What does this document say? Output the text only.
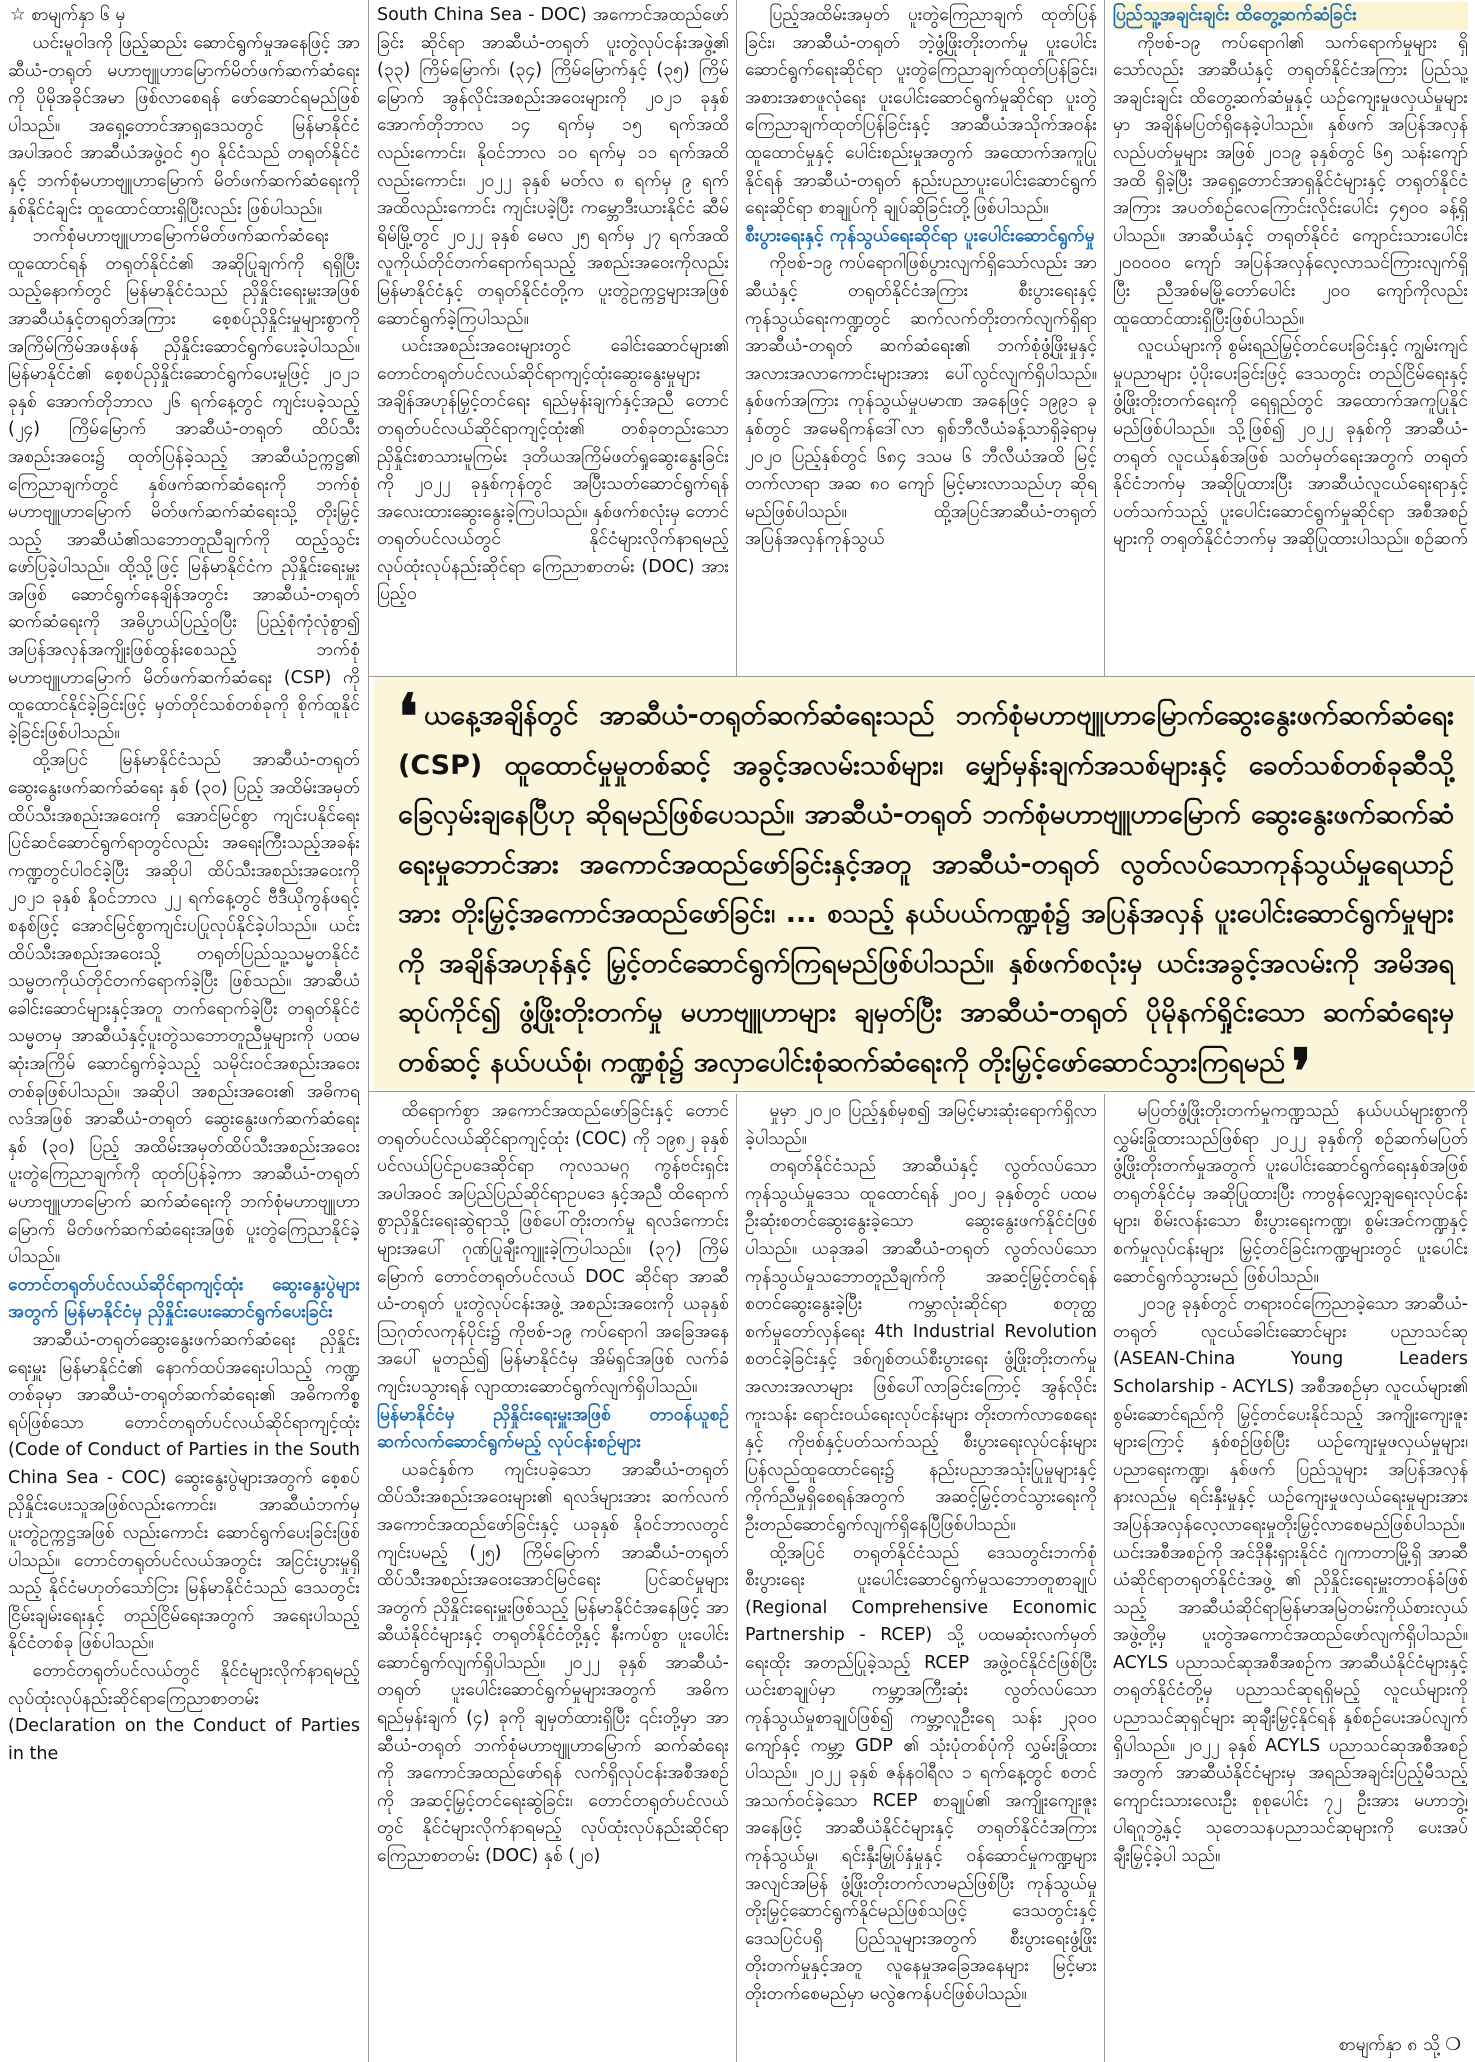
☆ စာမျက်နှာ ၆ မှ

ယင်းမူဝါဒကို ဖြည့်ဆည်း ဆောင်ရွက်မှုအနေဖြင့် အာဆီယံ-တရုတ် မဟာဗျူဟာမြောက်မိတ်ဖက်ဆက်ဆံရေးကို ပိုမိုအခိုင်အမာ ဖြစ်လာစေရန် ဖော်ဆောင်ရမည်ဖြစ်ပါသည်။ အရှေ့တောင်အာရှဒေသတွင် မြန်မာနိုင်ငံ အပါအဝင် အာဆီယံအဖွဲ့ဝင် ၅၀ နိုင်ငံသည် တရုတ်နိုင်ငံနှင့် ဘက်စုံမဟာဗျူဟာမြောက် မိတ်ဖက်ဆက်ဆံရေးကို နှစ်နိုင်ငံချင်း ထူထောင်ထားရှိပြီးလည်း ဖြစ်ပါသည်။

ဘက်စုံမဟာဗျူဟာမြောက်မိတ်ဖက်ဆက်ဆံရေး ထူထောင်ရန် တရုတ်နိုင်ငံ၏ အဆိုပြုချက်ကို ရရှိပြီးသည့်နောက်တွင် မြန်မာနိုင်ငံသည် ညှိနှိုင်းရေးမှူးအဖြစ် အာဆီယံနှင့်တရုတ်အကြား စေ့စပ်ညှိနှိုင်းမှုများစွာကို အကြိမ်ကြိမ်အဖန်ဖန် ညှိနှိုင်းဆောင်ရွက်ပေးခဲ့ပါသည်။ မြန်မာနိုင်ငံ၏ စေ့စပ်ညှိနှိုင်းဆောင်ရွက်ပေးမှုဖြင့် ၂၀၂၁ ခုနှစ် အောက်တိုဘာလ ၂၆ ရက်နေ့တွင် ကျင်းပခဲ့သည့် (၂၄) ကြိမ်မြောက် အာဆီယံ-တရုတ် ထိပ်သီးအစည်းအဝေး၌ ထုတ်ပြန်ခဲ့သည့် အာဆီယံဥက္ကဋ္ဌ၏ ကြေညာချက်တွင် နှစ်ဖက်ဆက်ဆံရေးကို ဘက်စုံမဟာဗျူဟာမြောက် မိတ်ဖက်ဆက်ဆံရေးသို့ တိုးမြှင့်သည့် အာဆီယံ၏သဘောတူညီချက်ကို ထည့်သွင်းဖော်ပြခဲ့ပါသည်။ ထို့သို့ဖြင့် မြန်မာနိုင်ငံက ညှိနှိုင်းရေးမှူးအဖြစ် ဆောင်ရွက်နေချိန်အတွင်း အာဆီယံ-တရုတ် ဆက်ဆံရေးကို အဓိပ္ပာယ်ပြည့်ဝပြီး ပြည့်စုံကုံလုံစွာ၍ အပြန်အလှန်အကျိုးဖြစ်ထွန်းစေသည့် ဘက်စုံမဟာဗျူဟာမြောက် မိတ်ဖက်ဆက်ဆံရေး (CSP) ကို ထူထောင်နိုင်ခဲ့ခြင်းဖြင့် မှတ်တိုင်သစ်တစ်ခုကို စိုက်ထူနိုင်ခဲ့ခြင်းဖြစ်ပါသည်။

ထို့အပြင် မြန်မာနိုင်ငံသည် အာဆီယံ-တရုတ် ဆွေးနွေးဖက်ဆက်ဆံရေး နှစ် (၃၀) ပြည့် အထိမ်းအမှတ် ထိပ်သီးအစည်းအဝေးကို အောင်မြင်စွာ ကျင်းပနိုင်ရေး ပြင်ဆင်ဆောင်ရွက်ရာတွင်လည်း အရေးကြီးသည့်အခန်းကဏ္ဍတွင်ပါဝင်ခဲ့ပြီး အဆိုပါ ထိပ်သီးအစည်းအဝေးကို ၂၀၂၁ ခုနှစ် နိုဝင်ဘာလ ၂၂ ရက်နေ့တွင် ဗီဒီယိုကွန်ဖရင့်စနစ်ဖြင့် အောင်မြင်စွာကျင်းပပြုလုပ်နိုင်ခဲ့ပါသည်။ ယင်းထိပ်သီးအစည်းအဝေးသို့ တရုတ်ပြည်သူ့သမ္မတနိုင်ငံ သမ္မတကိုယ်တိုင်တက်ရောက်ခဲ့ပြီး ဖြစ်သည်။ အာဆီယံ ခေါင်းဆောင်များနှင့်အတူ တက်ရောက်ခဲ့ပြီး တရုတ်နိုင်ငံသမ္မတမှ အာဆီယံနှင့်ပူးတွဲသဘောတူညီမှုများကို ပထမဆုံးအကြိမ် ဆောင်ရွက်ခဲ့သည့် သမိုင်းဝင်အစည်းအဝေးတစ်ခုဖြစ်ပါသည်။ အဆိုပါ အစည်းအဝေး၏ အဓိကရလဒ်အဖြစ် အာဆီယံ-တရုတ် ဆွေးနွေးဖက်ဆက်ဆံရေး နှစ် (၃၀) ပြည့် အထိမ်းအမှတ်ထိပ်သီးအစည်းအဝေးပူးတွဲကြေညာချက်ကို ထုတ်ပြန်ခဲ့ကာ အာဆီယံ-တရုတ်မဟာဗျူဟာမြောက် ဆက်ဆံရေးကို ဘက်စုံမဟာဗျူဟာမြောက် မိတ်ဖက်ဆက်ဆံရေးအဖြစ် ပူးတွဲကြေညာနိုင်ခဲ့ပါသည်။

တောင်တရုတ်ပင်လယ်ဆိုင်ရာကျင့်ထုံး ဆွေးနွေးပွဲများအတွက် မြန်မာနိုင်ငံမှ ညှိနှိုင်းပေးဆောင်ရွက်ပေးခြင်း

အာဆီယံ-တရုတ်ဆွေးနွေးဖက်ဆက်ဆံရေး ညှိနှိုင်းရေးမှူး မြန်မာနိုင်ငံ၏ နောက်ထပ်အရေးပါသည့် ကဏ္ဍတစ်ခုမှာ အာဆီယံ-တရုတ်ဆက်ဆံရေး၏ အဓိကကိစ္စရပ်ဖြစ်သော တောင်တရုတ်ပင်လယ်ဆိုင်ရာကျင့်ထုံး (Code of Conduct of Parties in the South China Sea - COC) ဆွေးနွေးပွဲများအတွက် စေ့စပ်ညှိနှိုင်းပေးသူအဖြစ်လည်းကောင်း၊ အာဆီယံဘက်မှ ပူးတွဲဥက္ကဋ္ဌအဖြစ် လည်းကောင်း ဆောင်ရွက်ပေးခြင်းဖြစ်ပါသည်။ တောင်တရုတ်ပင်လယ်အတွင်း အငြင်းပွားမှုရှိသည့် နိုင်ငံမဟုတ်သော်ငြား မြန်မာနိုင်ငံသည် ဒေသတွင်း ငြိမ်းချမ်းရေးနှင့် တည်ငြိမ်ရေးအတွက် အရေးပါသည့်နိုင်ငံတစ်ခု ဖြစ်ပါသည်။

တောင်တရုတ်ပင်လယ်တွင် နိုင်ငံများလိုက်နာရမည့် လုပ်ထုံးလုပ်နည်းဆိုင်ရာကြေညာစာတမ်း (Declaration on the Conduct of Parties in the

South China Sea - DOC) အကောင်အထည်ဖော်ခြင်း ဆိုင်ရာ အာဆီယံ-တရုတ် ပူးတွဲလုပ်ငန်းအဖွဲ့၏ (၃၃) ကြိမ်မြောက်၊ (၃၄) ကြိမ်မြောက်နှင့် (၃၅) ကြိမ်မြောက် အွန်လိုင်းအစည်းအဝေးများကို ၂၀၂၁ ခုနှစ် အောက်တိုဘာလ ၁၄ ရက်မှ ၁၅ ရက်အထိ လည်းကောင်း၊ နိုဝင်ဘာလ ၁၀ ရက်မှ ၁၁ ရက်အထိ လည်းကောင်း၊ ၂၀၂၂ ခုနှစ် မတ်လ ၈ ရက်မှ ၉ ရက်အထိလည်းကောင်း ကျင်းပခဲ့ပြီး ကမ္ဘောဒီးယားနိုင်ငံ ဆီမ်ရိမ်မြို့တွင် ၂၀၂၂ ခုနှစ် မေလ ၂၅ ရက်မှ ၂၇ ရက်အထိ လူကိုယ်တိုင်တက်ရောက်ရသည့် အစည်းအဝေးကိုလည်း မြန်မာနိုင်ငံနှင့် တရုတ်နိုင်ငံတို့က ပူးတွဲဥက္ကဋ္ဌများအဖြစ်ဆောင်ရွက်ခဲ့ကြပါသည်။

ယင်းအစည်းအဝေးများတွင် ခေါင်းဆောင်များ၏ တောင်တရုတ်ပင်လယ်ဆိုင်ရာကျင့်ထုံးဆွေးနွေးမှုများ အချိန်အဟုန်မြှင့်တင်ရေး ရည်မှန်းချက်နှင့်အညီ တောင်တရုတ်ပင်လယ်ဆိုင်ရာကျင့်ထုံး၏ တစ်ခုတည်းသော ညှိနှိုင်းစာသားမူကြမ်း ဒုတိယအကြိမ်ဖတ်ရှုဆွေးနွေးခြင်းကို ၂၀၂၂ ခုနှစ်ကုန်တွင် အပြီးသတ်ဆောင်ရွက်ရန် အလေးထားဆွေးနွေးခဲ့ကြပါသည်။ နှစ်ဖက်စလုံးမှ တောင်တရုတ်ပင်လယ်တွင် နိုင်ငံများလိုက်နာရမည့် လုပ်ထုံးလုပ်နည်းဆိုင်ရာ ကြေညာစာတမ်း (DOC) အား ပြည့်ဝ

ပြည့်အထိမ်းအမှတ် ပူးတွဲကြေညာချက် ထုတ်ပြန်ခြင်း၊ အာဆီယံ-တရုတ် ဘဲ့ဖွံ့ဖြိုးတိုးတက်မှု ပူးပေါင်းဆောင်ရွက်ရေးဆိုင်ရာ ပူးတွဲကြေညာချက်ထုတ်ပြန်ခြင်း၊ အစားအစာဖူလုံရေး ပူးပေါင်းဆောင်ရွက်မှုဆိုင်ရာ ပူးတွဲကြေညာချက်ထုတ်ပြန်ခြင်းနှင့် အာဆီယံအသိုက်အဝန်း ထူထောင်မှုနှင့် ပေါင်းစည်းမှုအတွက် အထောက်အကူပြုနိုင်ရန် အာဆီယံ-တရုတ် နည်းပညာပူးပေါင်းဆောင်ရွက်ရေးဆိုင်ရာ စာချုပ်ကို ချုပ်ဆိုခြင်းတို့ဖြစ်ပါသည်။

စီးပွားရေးနှင့် ကုန်သွယ်ရေးဆိုင်ရာ ပူးပေါင်းဆောင်ရွက်မှု

ကိုဗစ်-၁၉ ကပ်ရောဂါဖြစ်ပွားလျက်ရှိသော်လည်း အာဆီယံနှင့် တရုတ်နိုင်ငံအကြား စီးပွားရေးနှင့် ကုန်သွယ်ရေးကဏ္ဍတွင် ဆက်လက်တိုးတက်လျက်ရှိရာ အာဆီယံ-တရုတ် ဆက်ဆံရေး၏ ဘက်စုံဖွံ့ဖြိုးမှုနှင့် အလားအလာကောင်းများအား ပေါ်လွင်လျက်ရှိပါသည်။ နှစ်ဖက်အကြား ကုန်သွယ်မှုပမာဏ အနေဖြင့် ၁၉၉၁ ခုနှစ်တွင် အမေရိကန်ဒေါ်လာ ရှစ်ဘီလီယံခန့်သာရှိခဲ့ရာမှ ၂၀၂၀ ပြည့်နှစ်တွင် ၆၈၄ ဒသမ ၆ ဘီလီယံအထိ မြင့်တက်လာရာ အဆ ၈၀ ကျော် မြင့်မားလာသည်ဟု ဆိုရမည်ဖြစ်ပါသည်။ ထို့အပြင်အာဆီယံ-တရုတ် အပြန်အလှန်ကုန်သွယ်

ပြည်သူ့အချင်းချင်း ထိတွေ့ဆက်ဆံခြင်း

ကိုဗစ်-၁၉ ကပ်ရောဂါ၏ သက်ရောက်မှုများ ရှိသော်လည်း အာဆီယံနှင့် တရုတ်နိုင်ငံအကြား ပြည်သူ့အချင်းချင်း ထိတွေ့ဆက်ဆံမှုနှင့် ယဉ်ကျေးမှုဖလှယ်မှုများမှာ အချိန်မပြတ်ရှိနေခဲ့ပါသည်။ နှစ်ဖက် အပြန်အလှန်လည်ပတ်မှုများ အဖြစ် ၂၀၁၉ ခုနှစ်တွင် ၆၅ သန်းကျော်အထိ ရှိခဲ့ပြီး အရှေ့တောင်အာရှနိုင်ငံများနှင့် တရုတ်နိုင်ငံအကြား အပတ်စဉ်လေကြောင်းလိုင်းပေါင်း ၄၅၀၀ ခန့်ရှိပါသည်။ အာဆီယံနှင့် တရုတ်နိုင်ငံ ကျောင်းသားပေါင်း ၂၀၀၀၀၀ ကျော် အပြန်အလှန်လေ့လာသင်ကြားလျက်ရှိပြီး ညီအစ်မမြို့တော်ပေါင်း ၂၀၀ ကျော်ကိုလည်း ထူထောင်ထားရှိပြီးဖြစ်ပါသည်။

လူငယ်များကို စွမ်းရည်မြှင့်တင်ပေးခြင်းနှင့် ကျွမ်းကျင်မှုပညာများ ပံ့ပိုးပေးခြင်းဖြင့် ဒေသတွင်း တည်ငြိမ်ရေးနှင့် ဖွံ့ဖြိုးတိုးတက်ရေးကို ရေရှည်တွင် အထောက်အကူပြုနိုင်မည်ဖြစ်ပါသည်။ သို့ဖြစ်၍ ၂၀၂၂ ခုနှစ်ကို အာဆီယံ-တရုတ် လူငယ်နှစ်အဖြစ် သတ်မှတ်ရေးအတွက် တရုတ်နိုင်ငံဘက်မှ အဆိုပြုထားပြီး အာဆီယံလူငယ်ရေးရာနှင့်ပတ်သက်သည့် ပူးပေါင်းဆောင်ရွက်မှုဆိုင်ရာ အစီအစဉ်များကို တရုတ်နိုင်ငံဘက်မှ အဆိုပြုထားပါသည်။ စဉ်ဆက်

❛ ယနေ့အချိန်တွင် အာဆီယံ-တရုတ်ဆက်ဆံရေးသည် ဘက်စုံမဟာဗျူဟာမြောက်ဆွေးနွေးဖက်ဆက်ဆံရေး (CSP) ထူထောင်မှုမှုတစ်ဆင့် အခွင့်အလမ်းသစ်များ၊ မျှော်မှန်းချက်အသစ်များနှင့် ခေတ်သစ်တစ်ခုဆီသို့ ခြေလှမ်းချနေပြီဟု ဆိုရမည်ဖြစ်ပေသည်။ အာဆီယံ-တရုတ် ဘက်စုံမဟာဗျူဟာမြောက် ဆွေးနွေးဖက်ဆက်ဆံရေးမှုဘောင်အား အကောင်အထည်ဖော်ခြင်းနှင့်အတူ အာဆီယံ-တရုတ် လွတ်လပ်သောကုန်သွယ်မှုရေယာဉ်အား တိုးမြှင့်အကောင်အထည်ဖော်ခြင်း၊ ... စသည့် နယ်ပယ်ကဏ္ဍစုံ၌ အပြန်အလှန် ပူးပေါင်းဆောင်ရွက်မှုများကို အချိန်အဟုန်နှင့် မြှင့်တင်ဆောင်ရွက်ကြရမည်ဖြစ်ပါသည်။ နှစ်ဖက်စလုံးမှ ယင်းအခွင့်အလမ်းကို အမိအရဆုပ်ကိုင်၍ ဖွံ့ဖြိုးတိုးတက်မှု မဟာဗျူဟာများ ချမှတ်ပြီး အာဆီယံ-တရုတ် ပိုမိုနက်ရှိုင်းသော ဆက်ဆံရေးမှတစ်ဆင့် နယ်ပယ်စုံ၊ ကဏ္ဍစုံ၌ အလှာပေါင်းစုံဆက်ဆံရေးကို တိုးမြှင့်ဖော်ဆောင်သွားကြရမည်❜

ထိရောက်စွာ အကောင်အထည်ဖော်ခြင်းနှင့် တောင်တရုတ်ပင်လယ်ဆိုင်ရာကျင့်ထုံး (COC) ကို ၁၉၈၂ ခုနှစ် ပင်လယ်ပြင်ဥပဒေဆိုင်ရာ ကုလသမဂ္ဂ ကွန်ဗင်းရှင်းအပါအဝင် အပြည်ပြည်ဆိုင်ရာဥပဒေ နှင့်အညီ ထိရောက်စွာညှိနှိုင်းရေးဆွဲရာသို့ ဖြစ်ပေါ်တိုးတက်မှု ရလဒ်ကောင်းများအပေါ် ဂုဏ်ပြုချီးကျူးခဲ့ကြပါသည်။ (၃၇) ကြိမ်မြောက် တောင်တရုတ်ပင်လယ် DOC ဆိုင်ရာ အာဆီယံ-တရုတ် ပူးတွဲလုပ်ငန်းအဖွဲ့ အစည်းအဝေးကို ယခုနှစ် ဩဂုတ်လကုန်ပိုင်း၌ ကိုဗစ်-၁၉ ကပ်ရောဂါ အခြေအနေအပေါ် မူတည်၍ မြန်မာနိုင်ငံမှ အိမ်ရှင်အဖြစ် လက်ခံကျင်းပသွားရန် လျာထားဆောင်ရွက်လျက်ရှိပါသည်။

မြန်မာနိုင်ငံမှ ညှိနှိုင်းရေးမှူးအဖြစ် တာဝန်ယူစဉ် ဆက်လက်ဆောင်ရွက်မည့် လုပ်ငန်းစဉ်များ

ယခင်နှစ်က ကျင်းပခဲ့သော အာဆီယံ-တရုတ် ထိပ်သီးအစည်းအဝေးများ၏ ရလဒ်များအား ဆက်လက်အကောင်အထည်ဖော်ခြင်းနှင့် ယခုနှစ် နိုဝင်ဘာလတွင် ကျင်းပမည့် (၂၅) ကြိမ်မြောက် အာဆီယံ-တရုတ် ထိပ်သီးအစည်းအဝေးအောင်မြင်ရေး ပြင်ဆင်မှုများအတွက် ညှိနှိုင်းရေးမှူးဖြစ်သည့် မြန်မာနိုင်ငံအနေဖြင့် အာဆီယံနိုင်ငံများနှင့် တရုတ်နိုင်ငံတို့နှင့် နီးကပ်စွာ ပူးပေါင်းဆောင်ရွက်လျက်ရှိပါသည်။ ၂၀၂၂ ခုနှစ် အာဆီယံ-တရုတ် ပူးပေါင်းဆောင်ရွက်မှုများအတွက် အဓိကရည်မှန်းချက် (၄) ခုကို ချမှတ်ထားရှိပြီး ၎င်းတို့မှာ အာဆီယံ-တရုတ် ဘက်စုံမဟာဗျူဟာမြောက် ဆက်ဆံရေးကို အကောင်အထည်ဖော်ရန် လက်ရှိလုပ်ငန်းအစီအစဉ်ကို အဆင့်မြှင့်တင်ရေးဆွဲခြင်း၊ တောင်တရုတ်ပင်လယ်တွင် နိုင်ငံများလိုက်နာရမည့် လုပ်ထုံးလုပ်နည်းဆိုင်ရာ ကြေညာစာတမ်း (DOC) နှစ် (၂၀)

မှုမှာ ၂၀၂၀ ပြည့်နှစ်မှစ၍ အမြင့်မားဆုံးရောက်ရှိလာခဲ့ပါသည်။

တရုတ်နိုင်ငံသည် အာဆီယံနှင့် လွတ်လပ်သော ကုန်သွယ်မှုဒေသ ထူထောင်ရန် ၂၀၀၂ ခုနှစ်တွင် ပထမဦးဆုံးစတင်ဆွေးနွေးခဲ့သော ဆွေးနွေးဖက်နိုင်ငံဖြစ်ပါသည်။ ယခုအခါ အာဆီယံ-တရုတ် လွတ်လပ်သော ကုန်သွယ်မှုသဘောတူညီချက်ကို အဆင့်မြှင့်တင်ရန် စတင်ဆွေးနွေးခဲ့ပြီး ကမ္ဘာလုံးဆိုင်ရာ စတုတ္ထစက်မှုတော်လှန်ရေး 4th Industrial Revolution စတင်ခဲ့ခြင်းနှင့် ဒစ်ဂျစ်တယ်စီးပွားရေး ဖွံ့ဖြိုးတိုးတက်မှု အလားအလာများ ဖြစ်ပေါ်လာခြင်းကြောင့် အွန်လိုင်းကူးသန်း ရောင်းဝယ်ရေးလုပ်ငန်းများ တိုးတက်လာစေရေးနှင့် ကိုဗစ်နှင့်ပတ်သက်သည့် စီးပွားရေးလုပ်ငန်းများ ပြန်လည်ထူထောင်ရေး၌ နည်းပညာအသုံးပြုမှုများနှင့် ကိုက်ညီမှုရှိစေရန်အတွက် အဆင့်မြှင့်တင်သွားရေးကို ဦးတည်ဆောင်ရွက်လျက်ရှိနေပြီဖြစ်ပါသည်။

ထို့အပြင် တရုတ်နိုင်ငံသည် ဒေသတွင်းဘက်စုံ စီးပွားရေး ပူးပေါင်းဆောင်ရွက်မှုသဘောတူစာချုပ် (Regional Comprehensive Economic Partnership - RCEP) သို့ ပထမဆုံးလက်မှတ်ရေးထိုး အတည်ပြုခဲ့သည့် RCEP အဖွဲ့ဝင်နိုင်ငံဖြစ်ပြီး ယင်းစာချုပ်မှာ ကမ္ဘာ့အကြီးဆုံး လွတ်လပ်သော ကုန်သွယ်မှုစာချုပ်ဖြစ်၍ ကမ္ဘာ့လူဦးရေ သန်း ၂၃၀၀ ကျော်နှင့် ကမ္ဘာ့ GDP ၏ သုံးပုံတစ်ပုံကို လွှမ်းခြုံထားပါသည်။ ၂၀၂၂ ခုနှစ် ဇန်နဝါရီလ ၁ ရက်နေ့တွင် စတင်အသက်ဝင်ခဲ့သော RCEP စာချုပ်၏ အကျိုးကျေးဇူးအနေဖြင့် အာဆီယံနိုင်ငံများနှင့် တရုတ်နိုင်ငံအကြား ကုန်သွယ်မှု၊ ရင်းနှီးမြှုပ်နှံမှုနှင့် ဝန်ဆောင်မှုကဏ္ဍများ အလျင်အမြန် ဖွံ့ဖြိုးတိုးတက်လာမည်ဖြစ်ပြီး ကုန်သွယ်မှုတိုးမြှင့်ဆောင်ရွက်နိုင်မည်ဖြစ်သဖြင့် ဒေသတွင်းနှင့် ဒေသပြင်ပရှိ ပြည်သူများအတွက် စီးပွားရေးဖွံ့ဖြိုးတိုးတက်မှုနှင့်အတူ လူနေမှုအခြေအနေများ မြင့်မားတိုးတက်စေမည်မှာ မလွဲဧကန်ပင်ဖြစ်ပါသည်။

မပြတ်ဖွံ့ဖြိုးတိုးတက်မှုကဏ္ဍသည် နယ်ပယ်များစွာကို လွှမ်းခြုံထားသည်ဖြစ်ရာ ၂၀၂၂ ခုနှစ်ကို စဉ်ဆက်မပြတ်ဖွံ့ဖြိုးတိုးတက်မှုအတွက် ပူးပေါင်းဆောင်ရွက်ရေးနှစ်အဖြစ် တရုတ်နိုင်ငံမှ အဆိုပြုထားပြီး ကာဗွန်လျှော့ချရေးလုပ်ငန်းများ၊ စိမ်းလန်းသော စီးပွားရေးကဏ္ဍ၊ စွမ်းအင်ကဏ္ဍနှင့် စက်မှုလုပ်ငန်းများ မြှင့်တင်ခြင်းကဏ္ဍများတွင် ပူးပေါင်းဆောင်ရွက်သွားမည် ဖြစ်ပါသည်။

၂၀၁၉ ခုနှစ်တွင် တရားဝင်ကြေညာခဲ့သော အာဆီယံ-တရုတ် လူငယ်ခေါင်းဆောင်များ ပညာသင်ဆု (ASEAN-China Young Leaders Scholarship - ACYLS) အစီအစဉ်မှာ လူငယ်များ၏ စွမ်းဆောင်ရည်ကို မြှင့်တင်ပေးနိုင်သည့် အကျိုးကျေးဇူးများကြောင့် နှစ်စဉ်ဖြစ်ပြီး ယဉ်ကျေးမှုဖလှယ်မှုများ၊ ပညာရေးကဏ္ဍ၊ နှစ်ဖက် ပြည်သူများ အပြန်အလှန်နားလည်မှု ရင်းနှီးမှုနှင့် ယဉ်ကျေးမှုဖလှယ်ရေးမှုများအား အပြန်အလှန်လေ့လာရေးမှုတိုးမြှင့်လာစေမည်ဖြစ်ပါသည်။ ယင်းအစီအစဉ်ကို အင်ဒိုနီးရှားနိုင်ငံ ဂျကာတာမြို့ရှိ အာဆီယံဆိုင်ရာတရုတ်နိုင်ငံအဖွဲ့ ၏ ညှိနှိုင်းရေးမှူးတာဝန်ခံဖြစ်သည့် အာဆီယံဆိုင်ရာမြန်မာအမြဲတမ်းကိုယ်စားလှယ်အဖွဲ့တို့မှ ပူးတွဲအကောင်အထည်ဖော်လျက်ရှိပါသည်။ ACYLS ပညာသင်ဆုအစီအစဉ်က အာဆီယံနိုင်ငံများနှင့် တရုတ်နိုင်ငံတို့မှ ပညာသင်ဆုရရှိမည့် လူငယ်များကို ပညာသင်ဆုရှင်များ ဆုချီးမြှင့်နိုင်ရန် နှစ်စဉ်ပေးအပ်လျက်ရှိပါသည်။ ၂၀၂၂ ခုနှစ် ACYLS ပညာသင်ဆုအစီအစဉ်အတွက် အာဆီယံနိုင်ငံများမှ အရည်အချင်းပြည့်မီသည့် ကျောင်းသားလေးဦး စုစုပေါင်း ၇၂ ဦးအား မဟာဘွဲ့၊ ပါရဂူဘွဲ့နှင့် သုတေသနပညာသင်ဆုများကို ပေးအပ်ချီးမြှင့်ခဲ့ပါ သည်။

စာမျက်နှာ ၈ သို့ ❍
